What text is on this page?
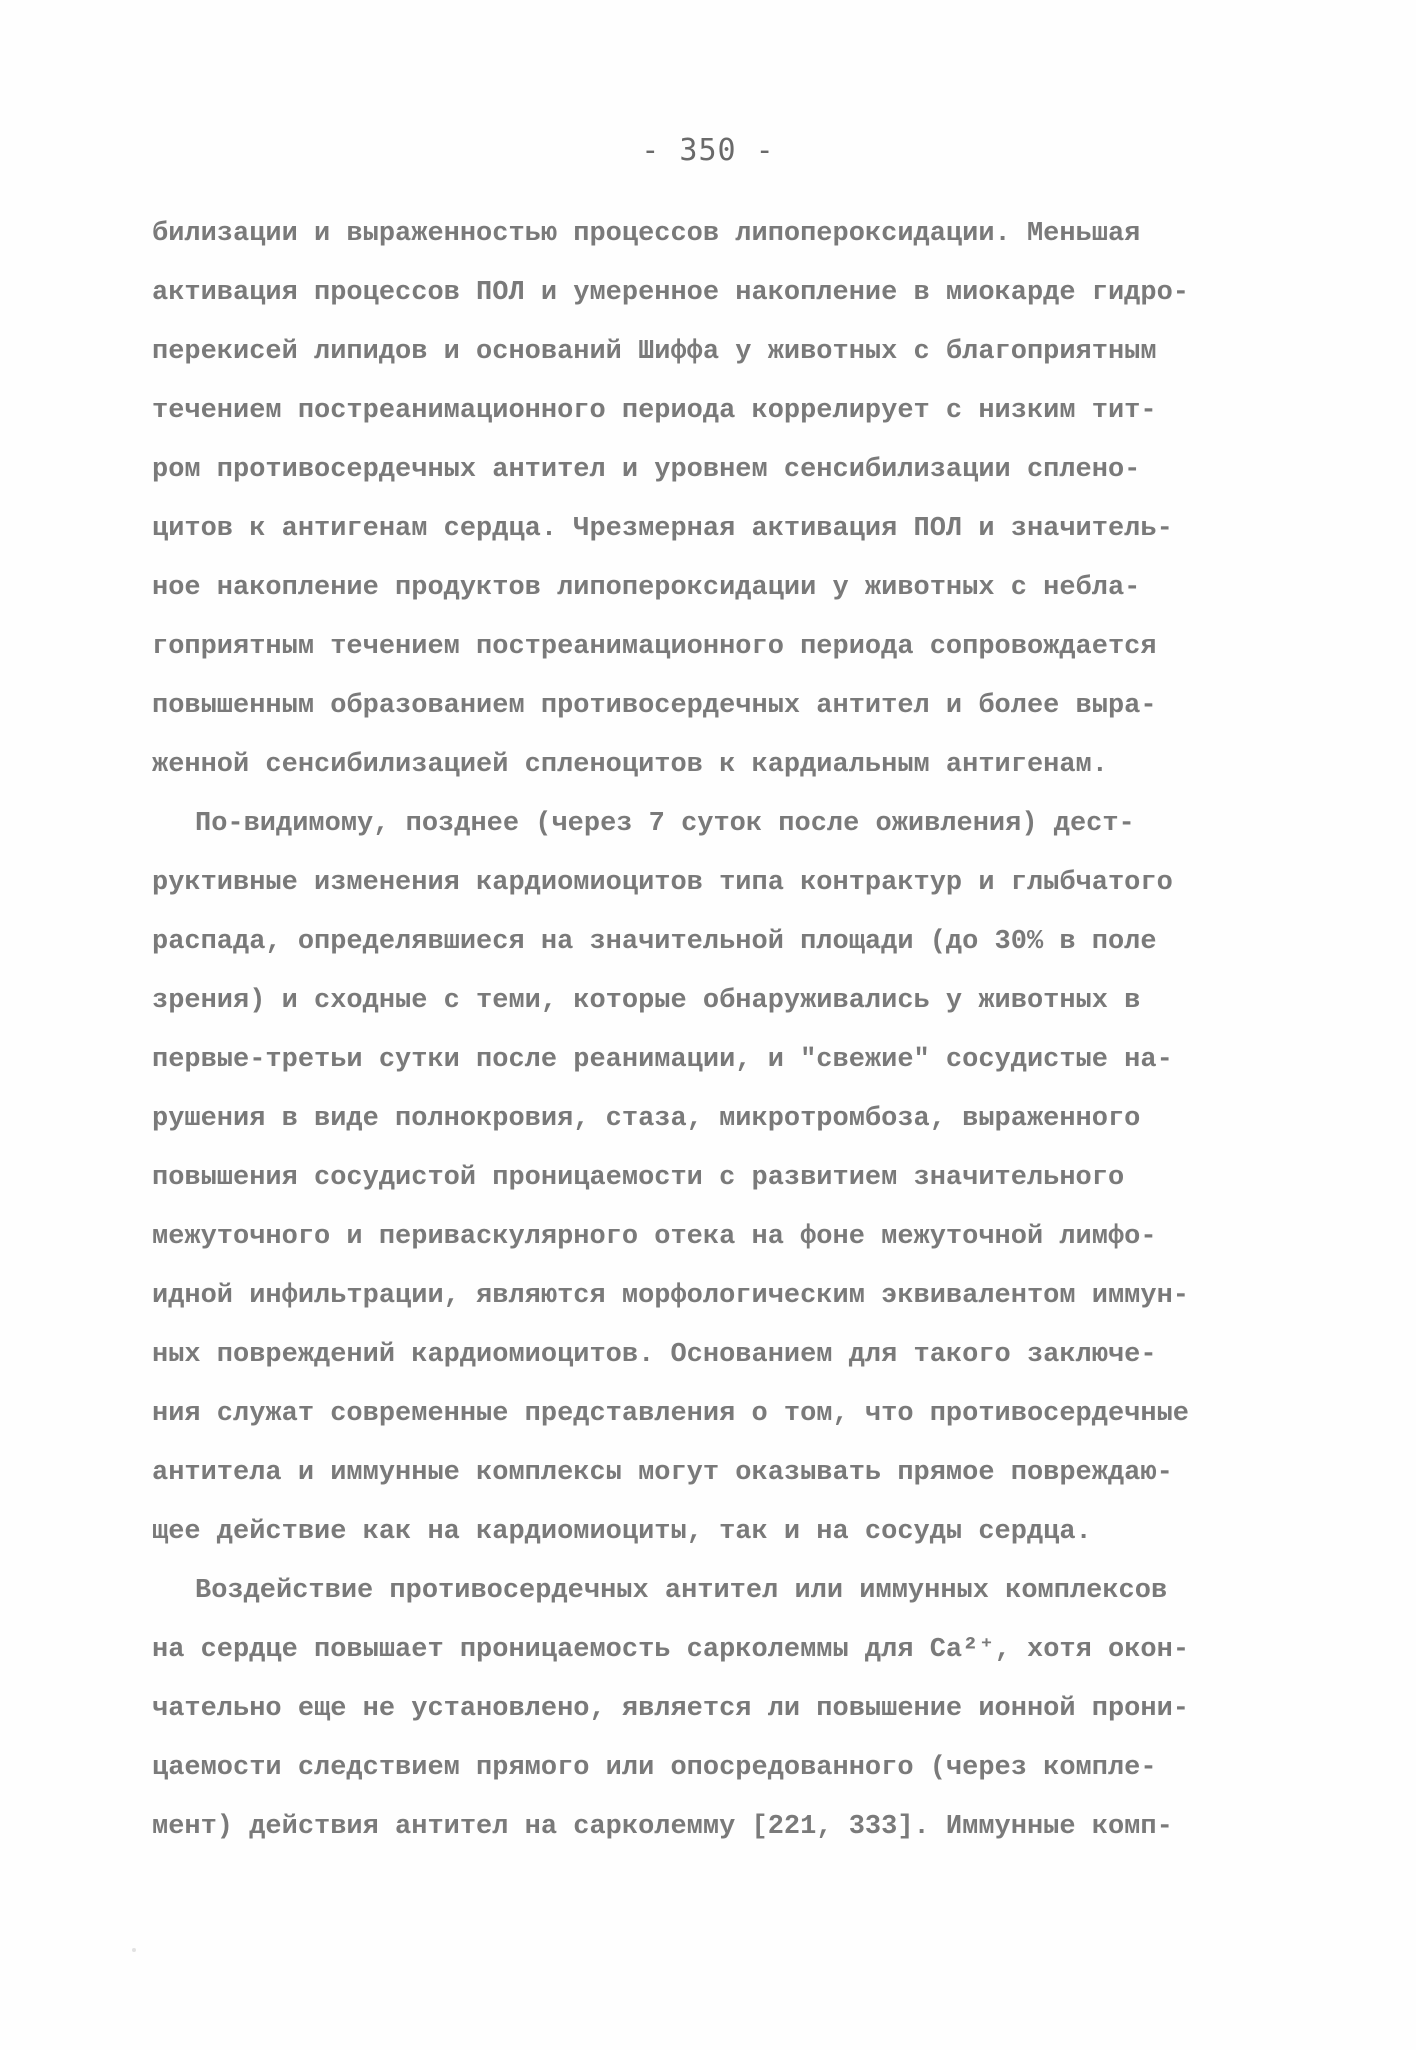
- 350 -
билизации и выраженностью процессов липопероксидации. Меньшая
активация процессов ПОЛ и умеренное накопление в миокарде гидро-
перекисей липидов и оснований Шиффа у животных с благоприятным
течением постреанимационного периода коррелирует с низким тит-
ром противосердечных антител и уровнем сенсибилизации сплено-
цитов к антигенам сердца. Чрезмерная активация ПОЛ и значитель-
ное накопление продуктов липопероксидации у животных с небла-
гоприятным течением постреанимационного периода сопровождается
повышенным образованием противосердечных антител и более выра-
женной сенсибилизацией спленоцитов к кардиальным антигенам.
По-видимому, позднее (через 7 суток после оживления) дест-
руктивные изменения кардиомиоцитов типа контрактур и глыбчатого
распада, определявшиеся на значительной площади (до 30% в поле
зрения) и сходные с теми, которые обнаруживались у животных в
первые-третьи сутки после реанимации, и "свежие" сосудистые на-
рушения в виде полнокровия, стаза, микротромбоза, выраженного
повышения сосудистой проницаемости с развитием значительного
межуточного и периваскулярного отека на фоне межуточной лимфо-
идной инфильтрации, являются морфологическим эквивалентом иммун-
ных повреждений кардиомиоцитов. Основанием для такого заключе-
ния служат современные представления о том, что противосердечные
антитела и иммунные комплексы могут оказывать прямое повреждаю-
щее действие как на кардиомиоциты, так и на сосуды сердца.
Воздействие противосердечных антител или иммунных комплексов
на сердце повышает проницаемость сарколеммы для Ca²⁺, хотя окон-
чательно еще не установлено, является ли повышение ионной прони-
цаемости следствием прямого или опосредованного (через компле-
мент) действия антител на сарколемму [221, 333]. Иммунные комп-
